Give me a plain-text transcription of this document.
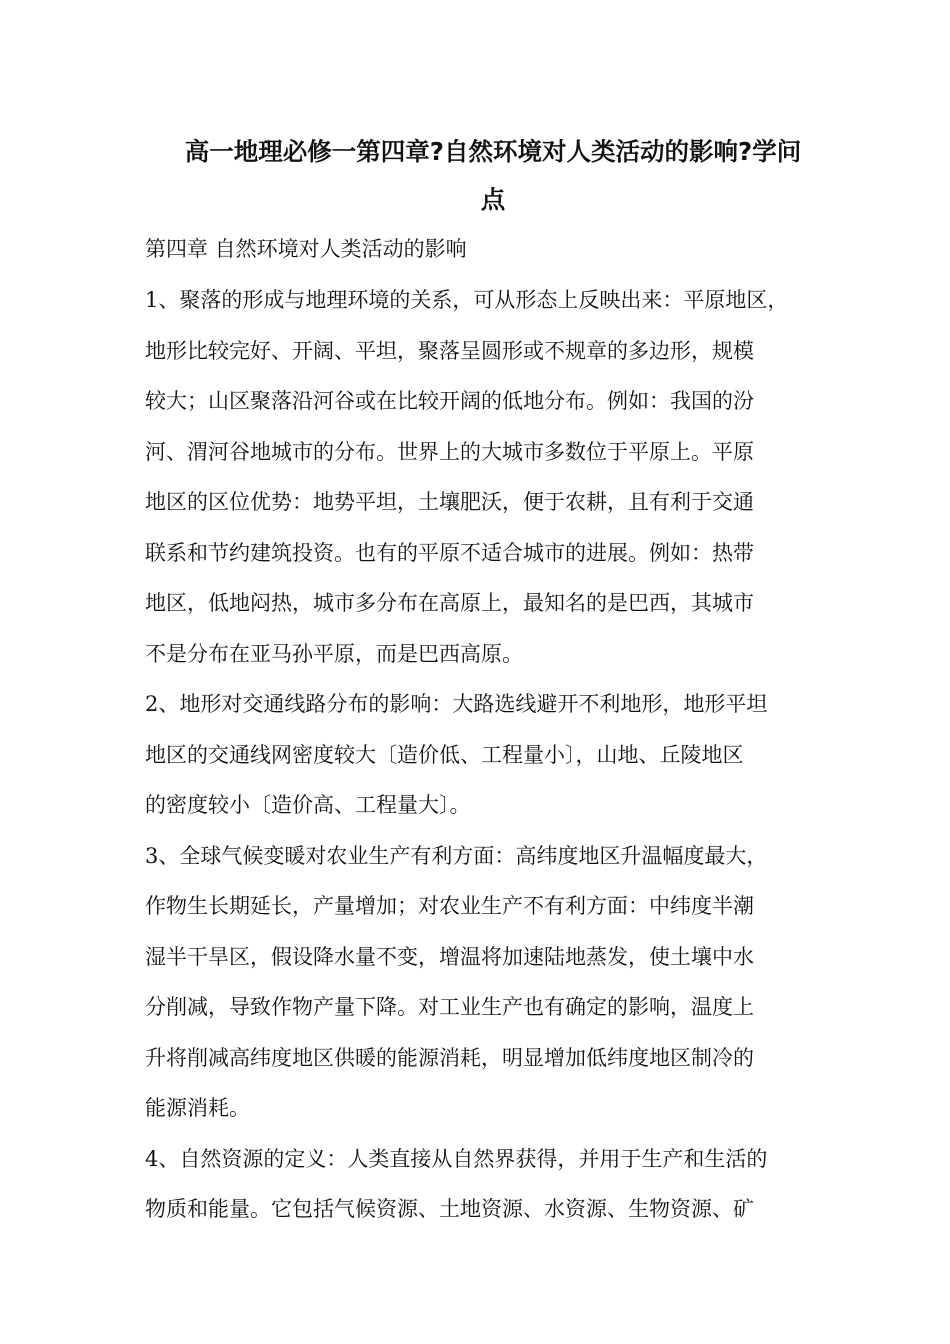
高一地理必修一第四章?自然环境对人类活动的影响?学问
点

第四章 自然环境对人类活动的影响

1、聚落的形成与地理环境的关系，可从形态上反映出来：平原地区，
地形比较完好、开阔、平坦，聚落呈圆形或不规章的多边形，规模
较大；山区聚落沿河谷或在比较开阔的低地分布。例如：我国的汾
河、渭河谷地城市的分布。世界上的大城市多数位于平原上。平原
地区的区位优势：地势平坦，土壤肥沃，便于农耕，且有利于交通
联系和节约建筑投资。也有的平原不适合城市的进展。例如：热带
地区，低地闷热，城市多分布在高原上，最知名的是巴西，其城市
不是分布在亚马孙平原，而是巴西高原。
2、地形对交通线路分布的影响：大路选线避开不利地形，地形平坦
地区的交通线网密度较大〔造价低、工程量小〕，山地、丘陵地区
的密度较小〔造价高、工程量大〕。
3、全球气候变暖对农业生产有利方面：高纬度地区升温幅度最大，
作物生长期延长，产量增加；对农业生产不有利方面：中纬度半潮
湿半干旱区，假设降水量不变，增温将加速陆地蒸发，使土壤中水
分削减，导致作物产量下降。对工业生产也有确定的影响，温度上
升将削减高纬度地区供暖的能源消耗，明显增加低纬度地区制冷的
能源消耗。
4、自然资源的定义：人类直接从自然界获得，并用于生产和生活的
物质和能量。它包括气候资源、土地资源、水资源、生物资源、矿
